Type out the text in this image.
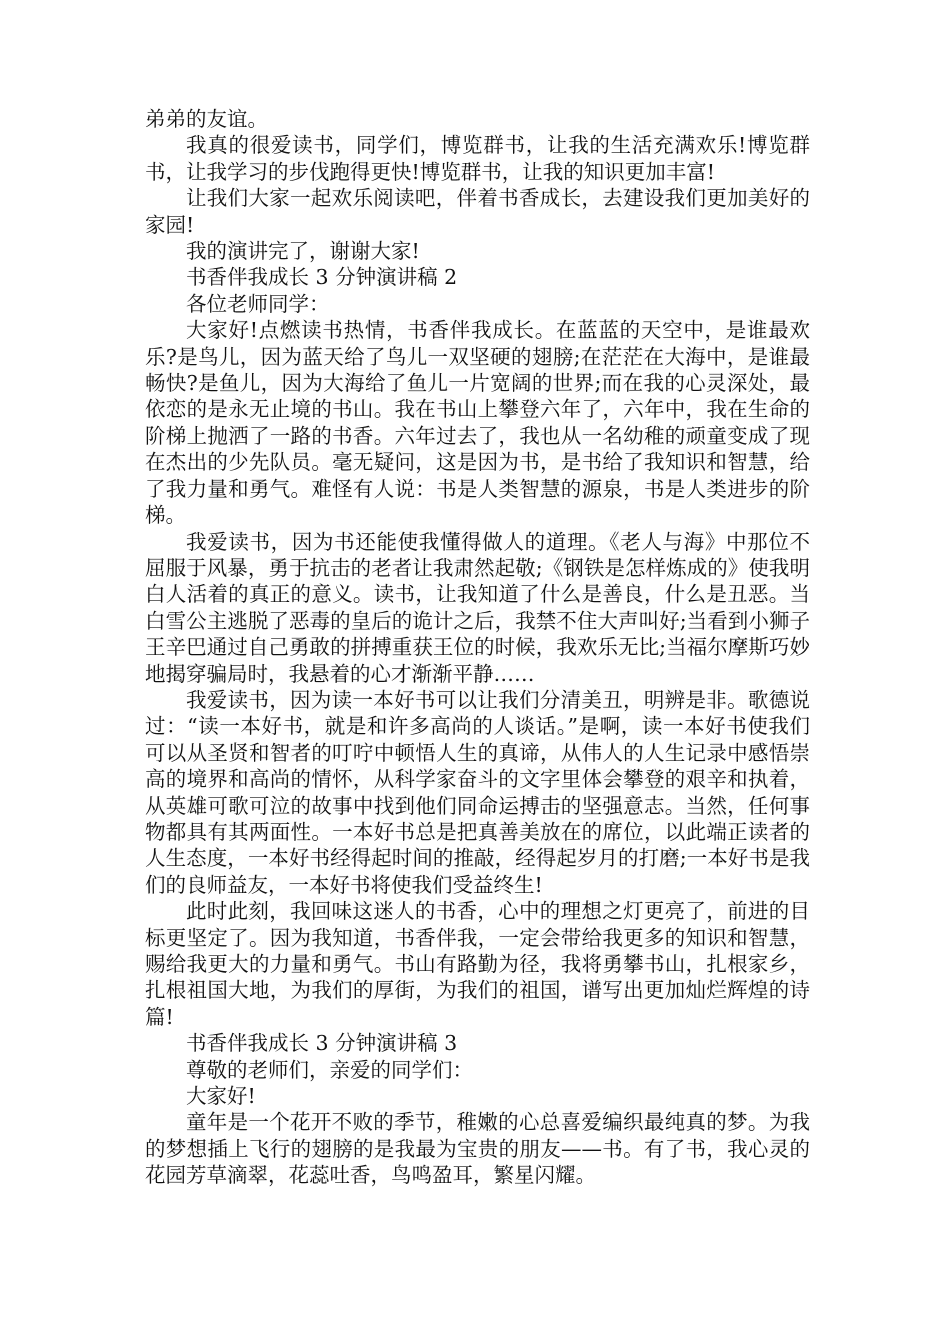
弟弟的友谊。

我真的很爱读书，同学们，博览群书，让我的生活充满欢乐!博览群书，让我学习的步伐跑得更快!博览群书，让我的知识更加丰富!

让我们大家一起欢乐阅读吧，伴着书香成长，去建设我们更加美好的家园!

我的演讲完了，谢谢大家!

书香伴我成长 3 分钟演讲稿 2

各位老师同学：

大家好!点燃读书热情，书香伴我成长。在蓝蓝的天空中，是谁最欢乐?是鸟儿，因为蓝天给了鸟儿一双坚硬的翅膀;在茫茫在大海中，是谁最畅快?是鱼儿，因为大海给了鱼儿一片宽阔的世界;而在我的心灵深处，最依恋的是永无止境的书山。我在书山上攀登六年了，六年中，我在生命的阶梯上抛洒了一路的书香。六年过去了，我也从一名幼稚的顽童变成了现在杰出的少先队员。毫无疑问，这是因为书，是书给了我知识和智慧，给了我力量和勇气。难怪有人说：书是人类智慧的源泉，书是人类进步的阶梯。

我爱读书，因为书还能使我懂得做人的道理。《老人与海》中那位不屈服于风暴，勇于抗击的老者让我肃然起敬;《钢铁是怎样炼成的》使我明白人活着的真正的意义。读书，让我知道了什么是善良，什么是丑恶。当白雪公主逃脱了恶毒的皇后的诡计之后，我禁不住大声叫好;当看到小狮子王辛巴通过自己勇敢的拼搏重获王位的时候，我欢乐无比;当福尔摩斯巧妙地揭穿骗局时，我悬着的心才渐渐平静……

我爱读书，因为读一本好书可以让我们分清美丑，明辨是非。歌德说过：“读一本好书，就是和许多高尚的人谈话。”是啊，读一本好书使我们可以从圣贤和智者的叮咛中顿悟人生的真谛，从伟人的人生记录中感悟崇高的境界和高尚的情怀，从科学家奋斗的文字里体会攀登的艰辛和执着，从英雄可歌可泣的故事中找到他们同命运搏击的坚强意志。当然，任何事物都具有其两面性。一本好书总是把真善美放在的席位，以此端正读者的人生态度，一本好书经得起时间的推敲，经得起岁月的打磨;一本好书是我们的良师益友，一本好书将使我们受益终生!

此时此刻，我回味这迷人的书香，心中的理想之灯更亮了，前进的目标更坚定了。因为我知道，书香伴我，一定会带给我更多的知识和智慧，赐给我更大的力量和勇气。书山有路勤为径，我将勇攀书山，扎根家乡，扎根祖国大地，为我们的厚街，为我们的祖国，谱写出更加灿烂辉煌的诗篇!

书香伴我成长 3 分钟演讲稿 3

尊敬的老师们，亲爱的同学们：

大家好!

童年是一个花开不败的季节，稚嫩的心总喜爱编织最纯真的梦。为我的梦想插上飞行的翅膀的是我最为宝贵的朋友——书。有了书，我心灵的花园芳草滴翠，花蕊吐香，鸟鸣盈耳，繁星闪耀。
